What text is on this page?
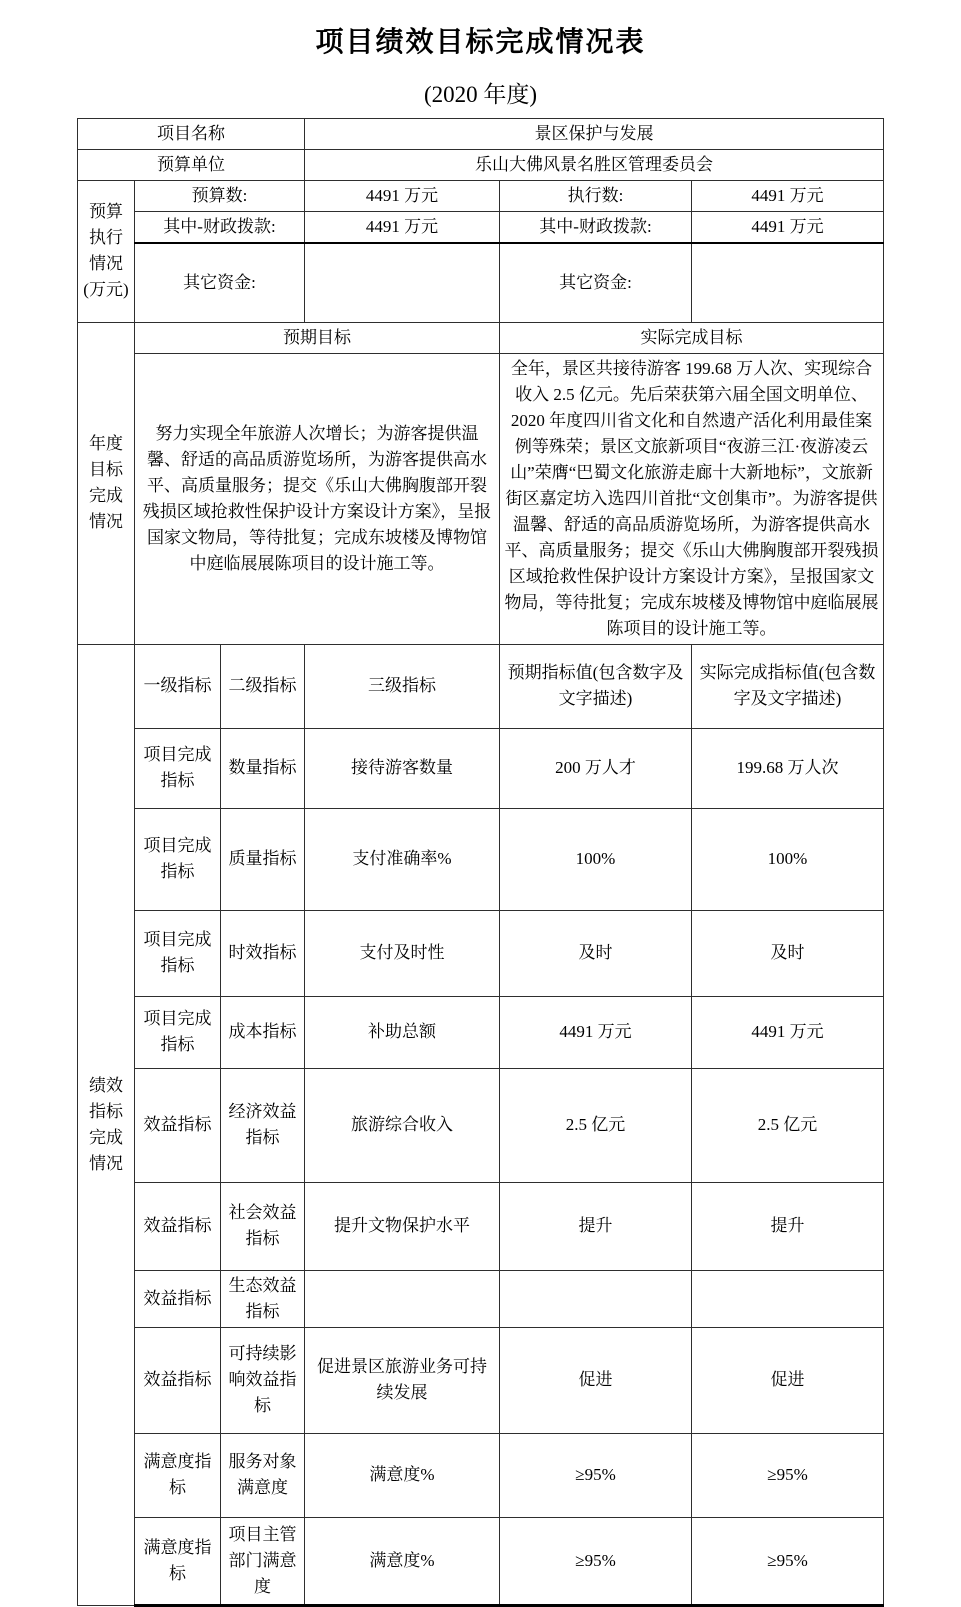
项目绩效目标完成情况表
(2020 年度)
项目名称			景区保护与发展		
预算单位			乐山大佛风景名胜区管理委员会		
预算执行情况(万元)	预算数:		4491 万元	执行数:	4491 万元
	其中-财政拨款:		4491 万元	其中-财政拨款:	4491 万元
	其它资金:			其它资金:	
年度目标完成情况	预期目标			实际完成目标	
	努力实现全年旅游人次增长；为游客提供温馨、舒适的高品质游览场所，为游客提供高水平、高质量服务；提交《乐山大佛胸腹部开裂残损区域抢救性保护设计方案设计方案》，呈报国家文物局，等待批复；完成东坡楼及博物馆中庭临展展陈项目的设计施工等。			全年，景区共接待游客 199.68 万人次、实现综合收入 2.5 亿元。先后荣获第六届全国文明单位、2020 年度四川省文化和自然遗产活化利用最佳案例等殊荣；景区文旅新项目“夜游三江·夜游凌云山”荣膺“巴蜀文化旅游走廊十大新地标”，文旅新街区嘉定坊入选四川首批“文创集市”。为游客提供温馨、舒适的高品质游览场所，为游客提供高水平、高质量服务；提交《乐山大佛胸腹部开裂残损区域抢救性保护设计方案设计方案》，呈报国家文物局，等待批复；完成东坡楼及博物馆中庭临展展陈项目的设计施工等。	
绩效指标完成情况	一级指标	二级指标	三级指标	预期指标值(包含数字及文字描述)	实际完成指标值(包含数字及文字描述)
	项目完成指标	数量指标	接待游客数量	200 万人才	199.68 万人次
	项目完成指标	质量指标	支付准确率%	100%	100%
	项目完成指标	时效指标	支付及时性	及时	及时
	项目完成指标	成本指标	补助总额	4491 万元	4491 万元
	效益指标	经济效益指标	旅游综合收入	2.5 亿元	2.5 亿元
	效益指标	社会效益指标	提升文物保护水平	提升	提升
	效益指标	生态效益指标			
	效益指标	可持续影响效益指标	促进景区旅游业务可持续发展	促进	促进
	满意度指标	服务对象满意度	满意度%	≥95%	≥95%
	满意度指标	项目主管部门满意度	满意度%	≥95%	≥95%
